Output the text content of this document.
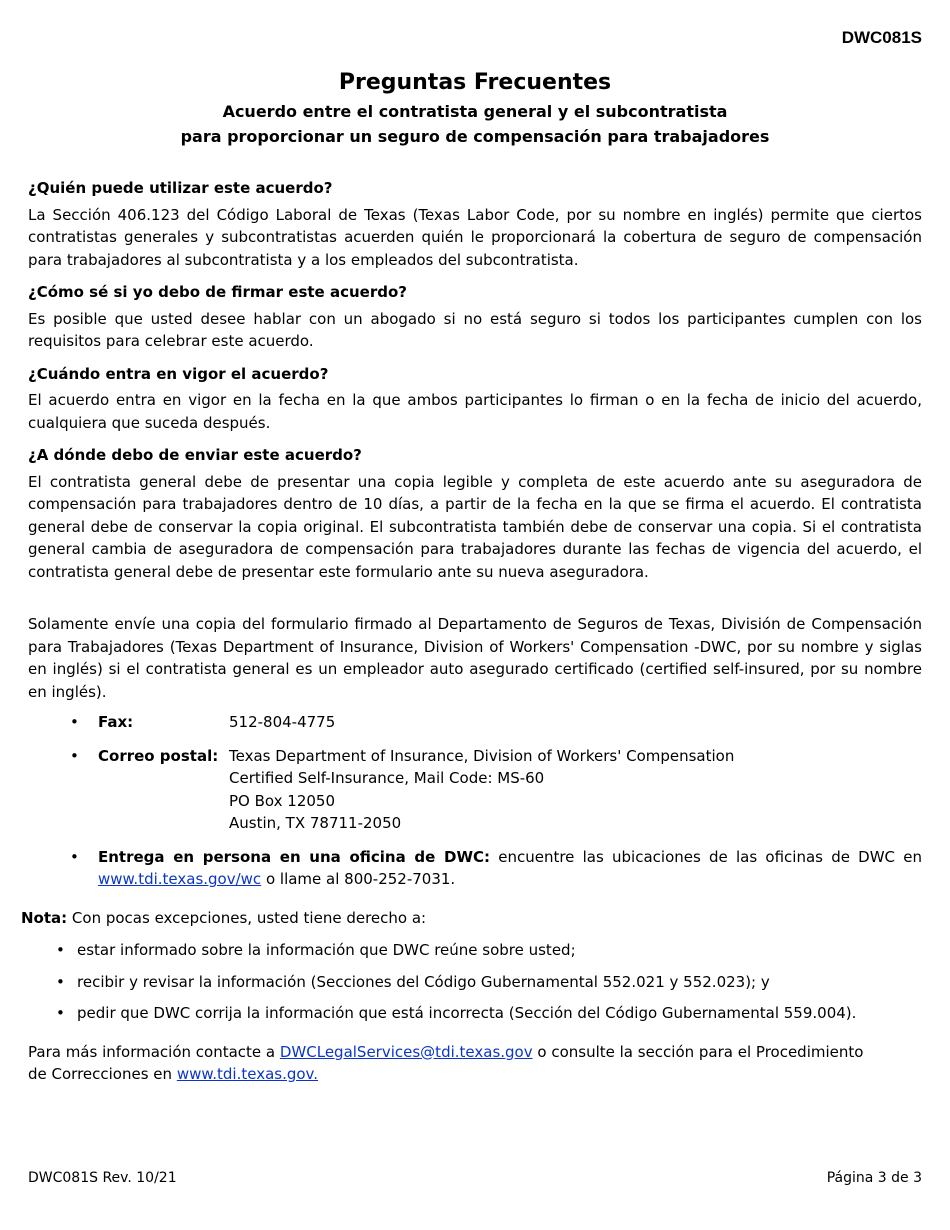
DWC081S
Preguntas Frecuentes
Acuerdo entre el contratista general y el subcontratista
para proporcionar un seguro de compensación para trabajadores
¿Quién puede utilizar este acuerdo?

La Sección 406.123 del Código Laboral de Texas (Texas Labor Code, por su nombre en inglés) permite que ciertos contratistas generales y subcontratistas acuerden quién le proporcionará la cobertura de seguro de compensación para trabajadores al subcontratista y a los empleados del subcontratista.

¿Cómo sé si yo debo de firmar este acuerdo?

Es posible que usted desee hablar con un abogado si no está seguro si todos los participantes cumplen con los requisitos para celebrar este acuerdo.

¿Cuándo entra en vigor el acuerdo?

El acuerdo entra en vigor en la fecha en la que ambos participantes lo firman o en la fecha de inicio del acuerdo, cualquiera que suceda después.

¿A dónde debo de enviar este acuerdo?

El contratista general debe de presentar una copia legible y completa de este acuerdo ante su aseguradora de compensación para trabajadores dentro de 10 días, a partir de la fecha en la que se firma el acuerdo. El contratista general debe de conservar la copia original. El subcontratista también debe de conservar una copia. Si el contratista general cambia de aseguradora de compensación para trabajadores durante las fechas de vigencia del acuerdo, el contratista general debe de presentar este formulario ante su nueva aseguradora.

Solamente envíe una copia del formulario firmado al Departamento de Seguros de Texas, División de Compensación para Trabajadores (Texas Department of Insurance, Division of Workers' Compensation -DWC, por su nombre y siglas en inglés) si el contratista general es un empleador auto asegurado certificado (certified self-insured, por su nombre en inglés).

• Fax:	512-804-4775
• Correo postal: Texas Department of Insurance, Division of Workers' Compensation
Certified Self-Insurance, Mail Code: MS-60
PO Box 12050
Austin, TX 78711-2050
• Entrega en persona en una oficina de DWC: encuentre las ubicaciones de las oficinas de DWC en www.tdi.texas.gov/wc o llame al 800-252-7031.
Nota: Con pocas excepciones, usted tiene derecho a:
• estar informado sobre la información que DWC reúne sobre usted;
• recibir y revisar la información (Secciones del Código Gubernamental 552.021 y 552.023); y
• pedir que DWC corrija la información que está incorrecta (Sección del Código Gubernamental 559.004).
Para más información contacte a DWCLegalServices@tdi.texas.gov o consulte la sección para el Procedimiento
de Correcciones en www.tdi.texas.gov.
DWC081S Rev. 10/21	Página 3 de 3
